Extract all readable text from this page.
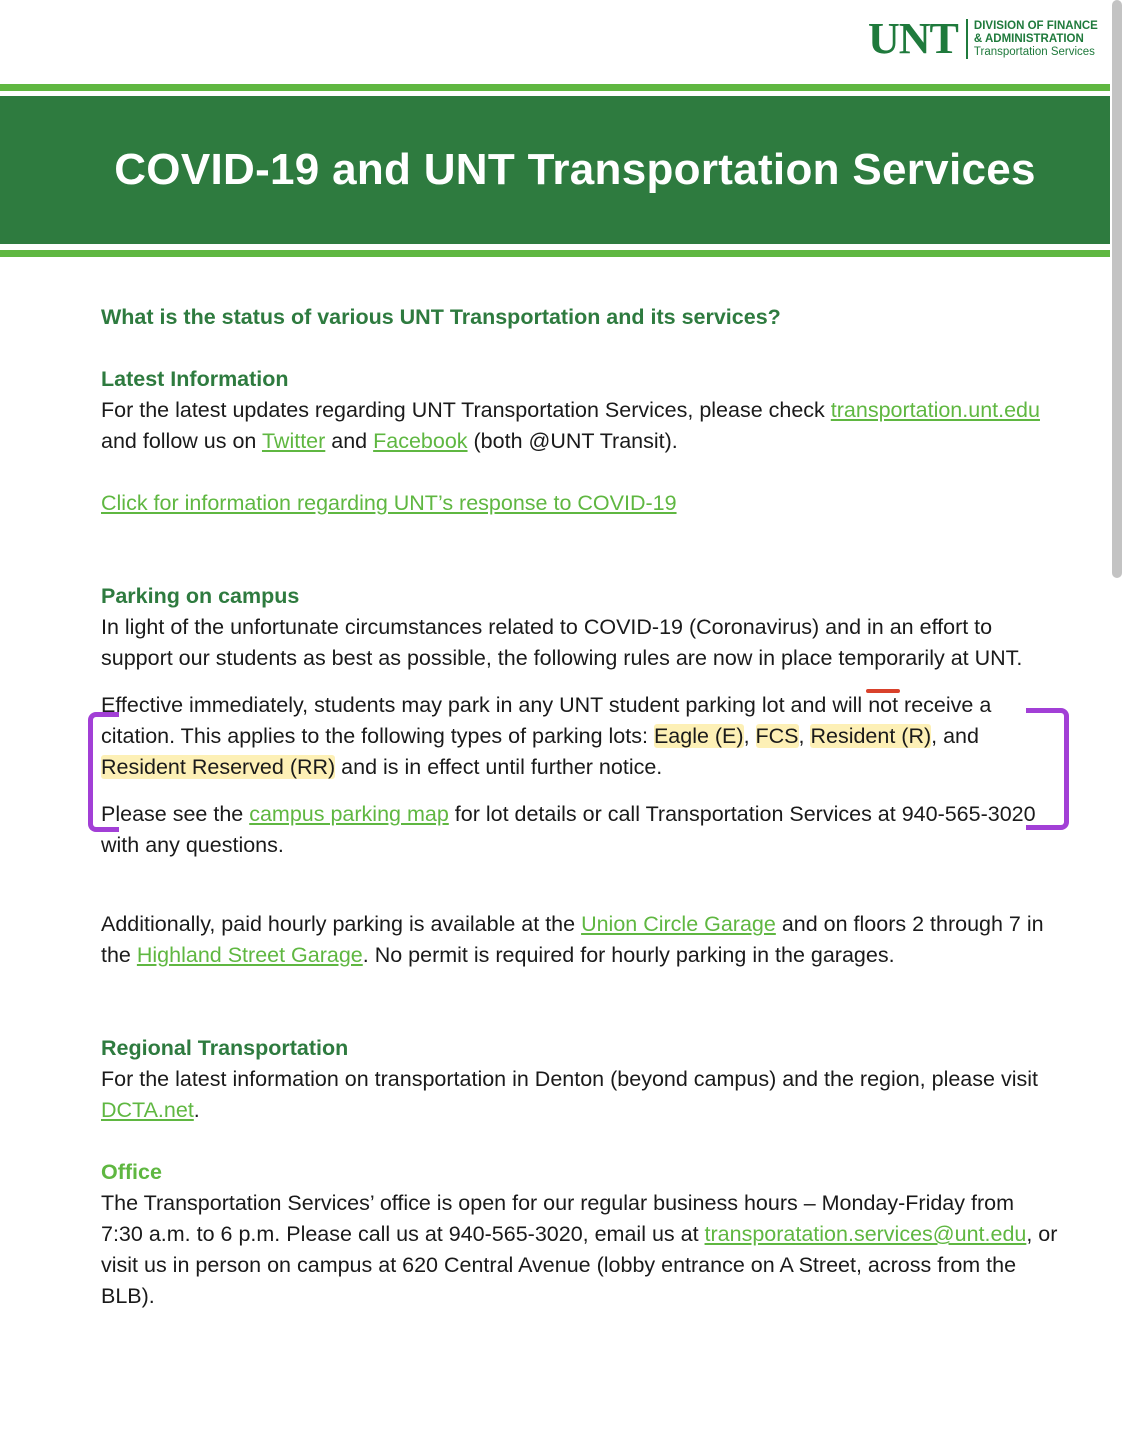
UNT DIVISION OF FINANCE
& ADMINISTRATION
Transportation Services
COVID-19 and UNT Transportation Services

What is the status of various UNT Transportation and its services?

Latest Information

For the latest updates regarding UNT Transportation Services, please check transportation.unt.edu and follow us on Twitter and Facebook (both @UNT Transit).

Click for information regarding UNT’s response to COVID-19

Parking on campus

In light of the unfortunate circumstances related to COVID-19 (Coronavirus) and in an effort to support our students as best as possible, the following rules are now in place temporarily at UNT.

Effective immediately, students may park in any UNT student parking lot and will not receive a citation. This applies to the following types of parking lots: Eagle (E), FCS, Resident (R), and Resident Reserved (RR) and is in effect until further notice.

Please see the campus parking map for lot details or call Transportation Services at 940-565-3020 with any questions.

Additionally, paid hourly parking is available at the Union Circle Garage and on floors 2 through 7 in the Highland Street Garage. No permit is required for hourly parking in the garages.

Regional Transportation

For the latest information on transportation in Denton (beyond campus) and the region, please visit DCTA.net.

Office

The Transportation Services’ office is open for our regular business hours – Monday-Friday from 7:30 a.m. to 6 p.m. Please call us at 940-565-3020, email us at transporatation.services@unt.edu, or visit us in person on campus at 620 Central Avenue (lobby entrance on A Street, across from the BLB).
